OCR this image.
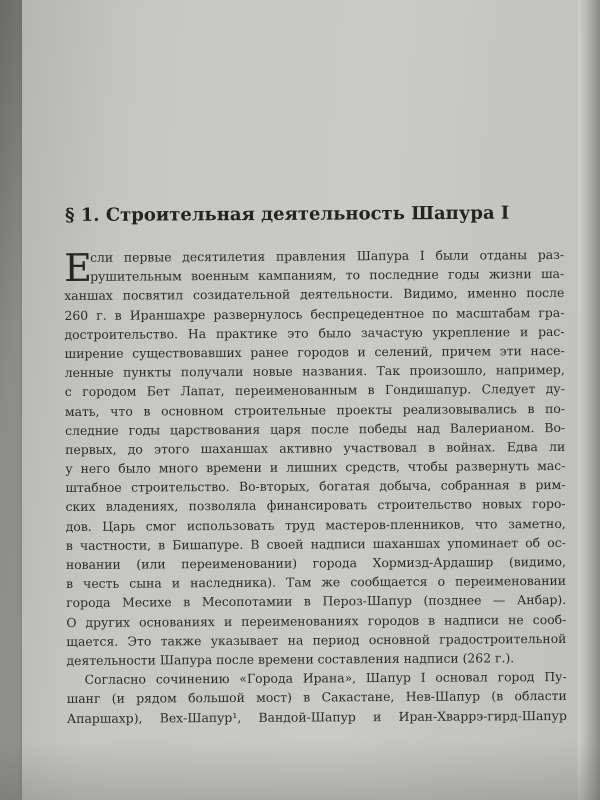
§ 1. Строительная деятельность Шапура I
Е
сли первые десятилетия правления Шапура I были отданы раз-
рушительным военным кампаниям, то последние годы жизни ша-
ханшах посвятил созидательной деятельности. Видимо, именно после
260 г. в Ираншахре развернулось беспрецедентное по масштабам гра-
достроительство. На практике это было зачастую укрепление и рас-
ширение существовавших ранее городов и селений, причем эти насе-
ленные пункты получали новые названия. Так произошло, например,
с городом Бет Лапат, переименованным в Гондишапур. Следует ду-
мать, что в основном строительные проекты реализовывались в по-
следние годы царствования царя после победы над Валерианом. Во-
первых, до этого шаханшах активно участвовал в войнах. Едва ли
у него было много времени и лишних средств, чтобы развернуть мас-
штабное строительство. Во-вторых, богатая добыча, собранная в рим-
ских владениях, позволяла финансировать строительство новых горо-
дов. Царь смог использовать труд мастеров-пленников, что заметно,
в частности, в Бишапуре. В своей надписи шаханшах упоминает об ос-
новании (или переименовании) города Хормизд-Ардашир (видимо,
в честь сына и наследника). Там же сообщается о переименовании
города Месихе в Месопотамии в Пероз-Шапур (позднее — Анбар).
О других основаниях и переименованиях городов в надписи не сооб-
щается. Это также указывает на период основной градостроительной
деятельности Шапура после времени составления надписи (262 г.).
Согласно сочинению «Города Ирана», Шапур I основал город Пу-
шанг (и рядом большой мост) в Сакастане, Нев-Шапур (в области
Апаршахр), Вех-Шапур¹, Вандой-Шапур и Иран-Хваррэ-гирд-Шапур
